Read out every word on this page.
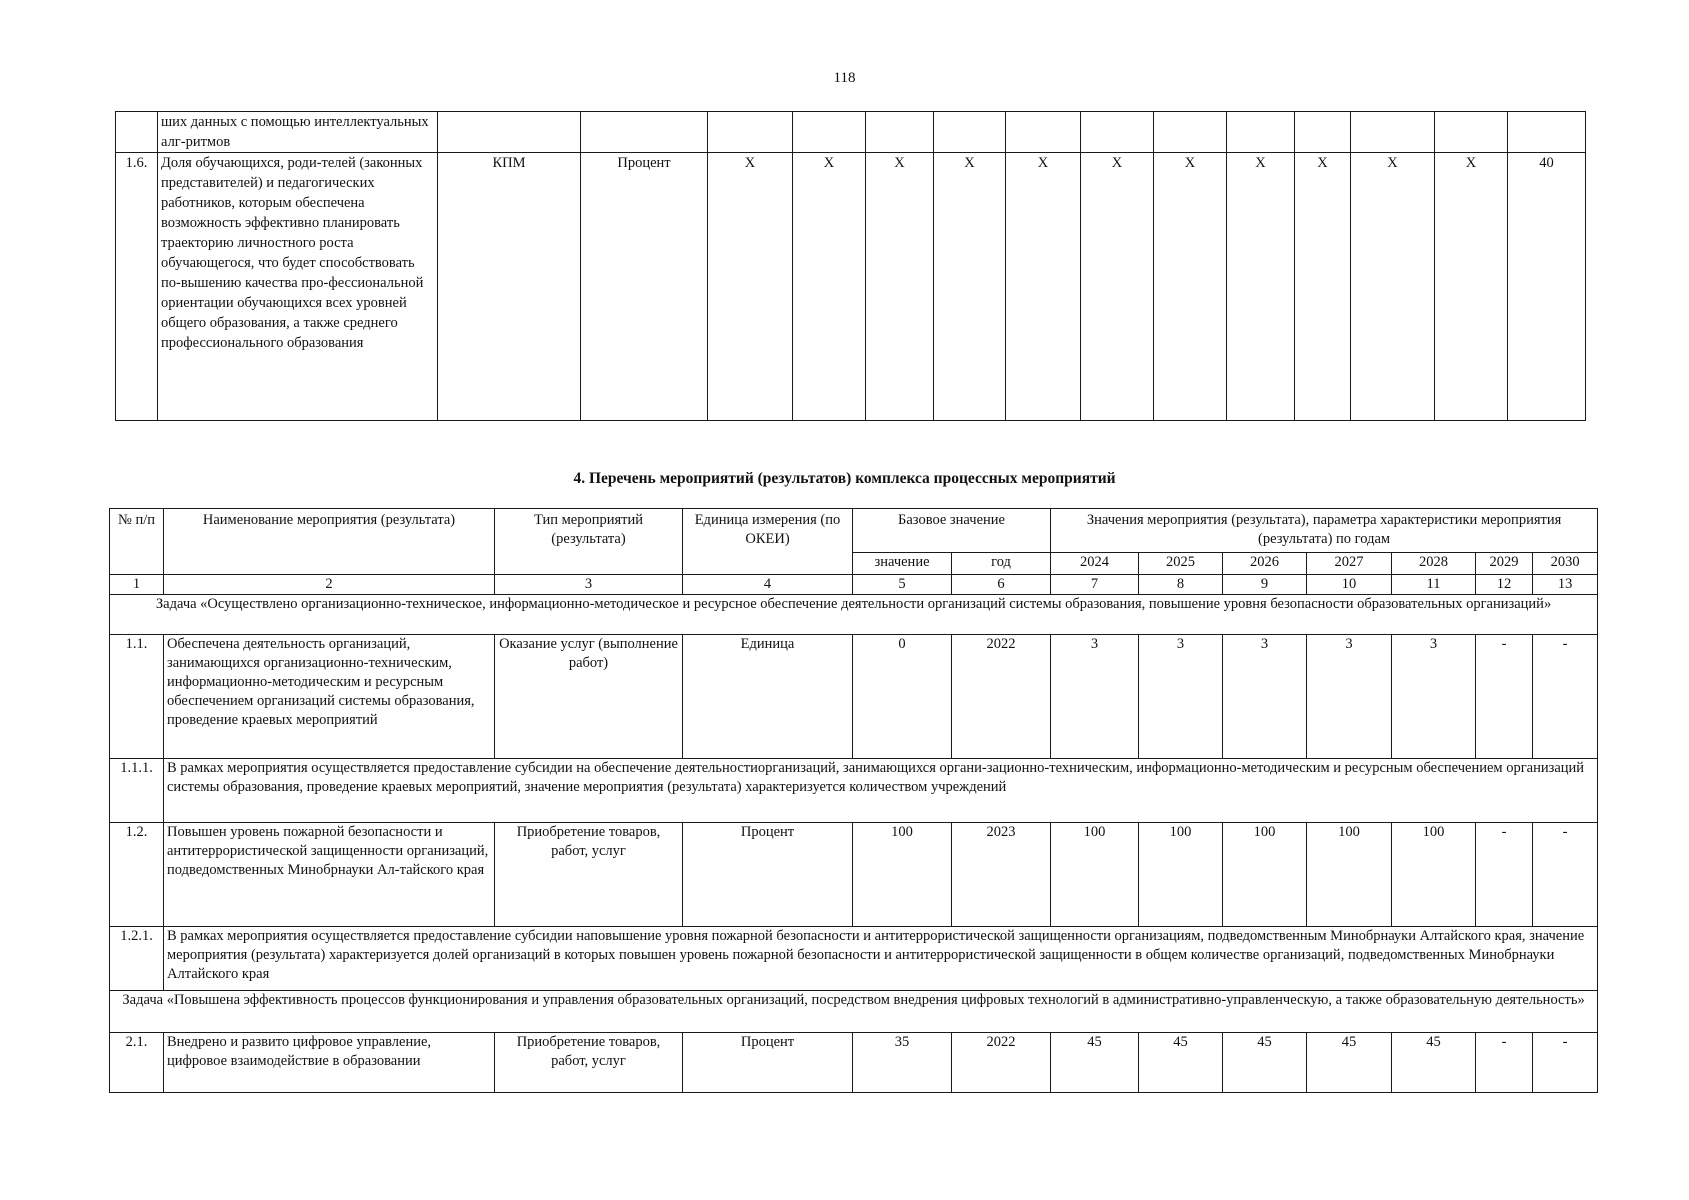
118
	ших данных с помощью интеллектуальных алг-ритмов														
1.6.	Доля обучающихся, роди-телей (законных представителей) и педагогических работников, которым обеспечена возможность эффективно планировать траекторию личностного роста обучающегося, что будет способствовать по-вышению качества про-фессиональной ориентации обучающихся всех уровней общего образования, а также среднего профессионального образования	КПМ	Процент	X	X	X	X	X	X	X	X	X	X	X	40
4. Перечень мероприятий (результатов) комплекса процессных мероприятий
№ п/п	Наименование мероприятия (результата)	Тип мероприятий (результата)	Единица измерения (по ОКЕИ)	Базовое значение		Значения мероприятия (результата), параметра характеристики мероприятия (результата) по годам						
				значение	год	2024	2025	2026	2027	2028	2029	2030
1	2	3	4	5	6	7	8	9	10	11	12	13
Задача «Осуществлено организационно-техническое, информационно-методическое и ресурсное обеспечение деятельности организаций системы образования, повышение уровня безопасности образовательных организаций»												
1.1.	Обеспечена деятельность организаций, занимающихся организационно-техническим, информационно-методическим и ресурсным обеспечением организаций системы образования, проведение краевых мероприятий	Оказание услуг (выполнение работ)	Единица	0	2022	3	3	3	3	3	-	-
1.1.1.	В рамках мероприятия осуществляется предоставление субсидии на обеспечение деятельностиорганизаций, занимающихся органи-зационно-техническим, информационно-методическим и ресурсным обеспечением организаций системы образования, проведение краевых мероприятий, значение мероприятия (результата) характеризуется количеством учреждений											
1.2.	Повышен уровень пожарной безопасности и антитеррористической защищенности организаций, подведомственных Минобрнауки Ал-тайского края	Приобретение товаров, работ, услуг	Процент	100	2023	100	100	100	100	100	-	-
1.2.1.	В рамках мероприятия осуществляется предоставление субсидии наповышение уровня пожарной безопасности и антитеррористической защищенности организациям, подведомственным Минобрнауки Алтайского края, значение мероприятия (результата) характеризуется долей организаций в которых повышен уровень пожарной безопасности и антитеррористической защищенности в общем количестве организаций, подведомственных Минобрнауки Алтайского края											
Задача «Повышена эффективность процессов функционирования и управления образовательных организаций, посредством внедрения цифровых технологий в административно-управленческую, а также образовательную деятельность»												
2.1.	Внедрено и развито цифровое управление, цифровое взаимодействие в образовании	Приобретение товаров, работ, услуг	Процент	35	2022	45	45	45	45	45	-	-
